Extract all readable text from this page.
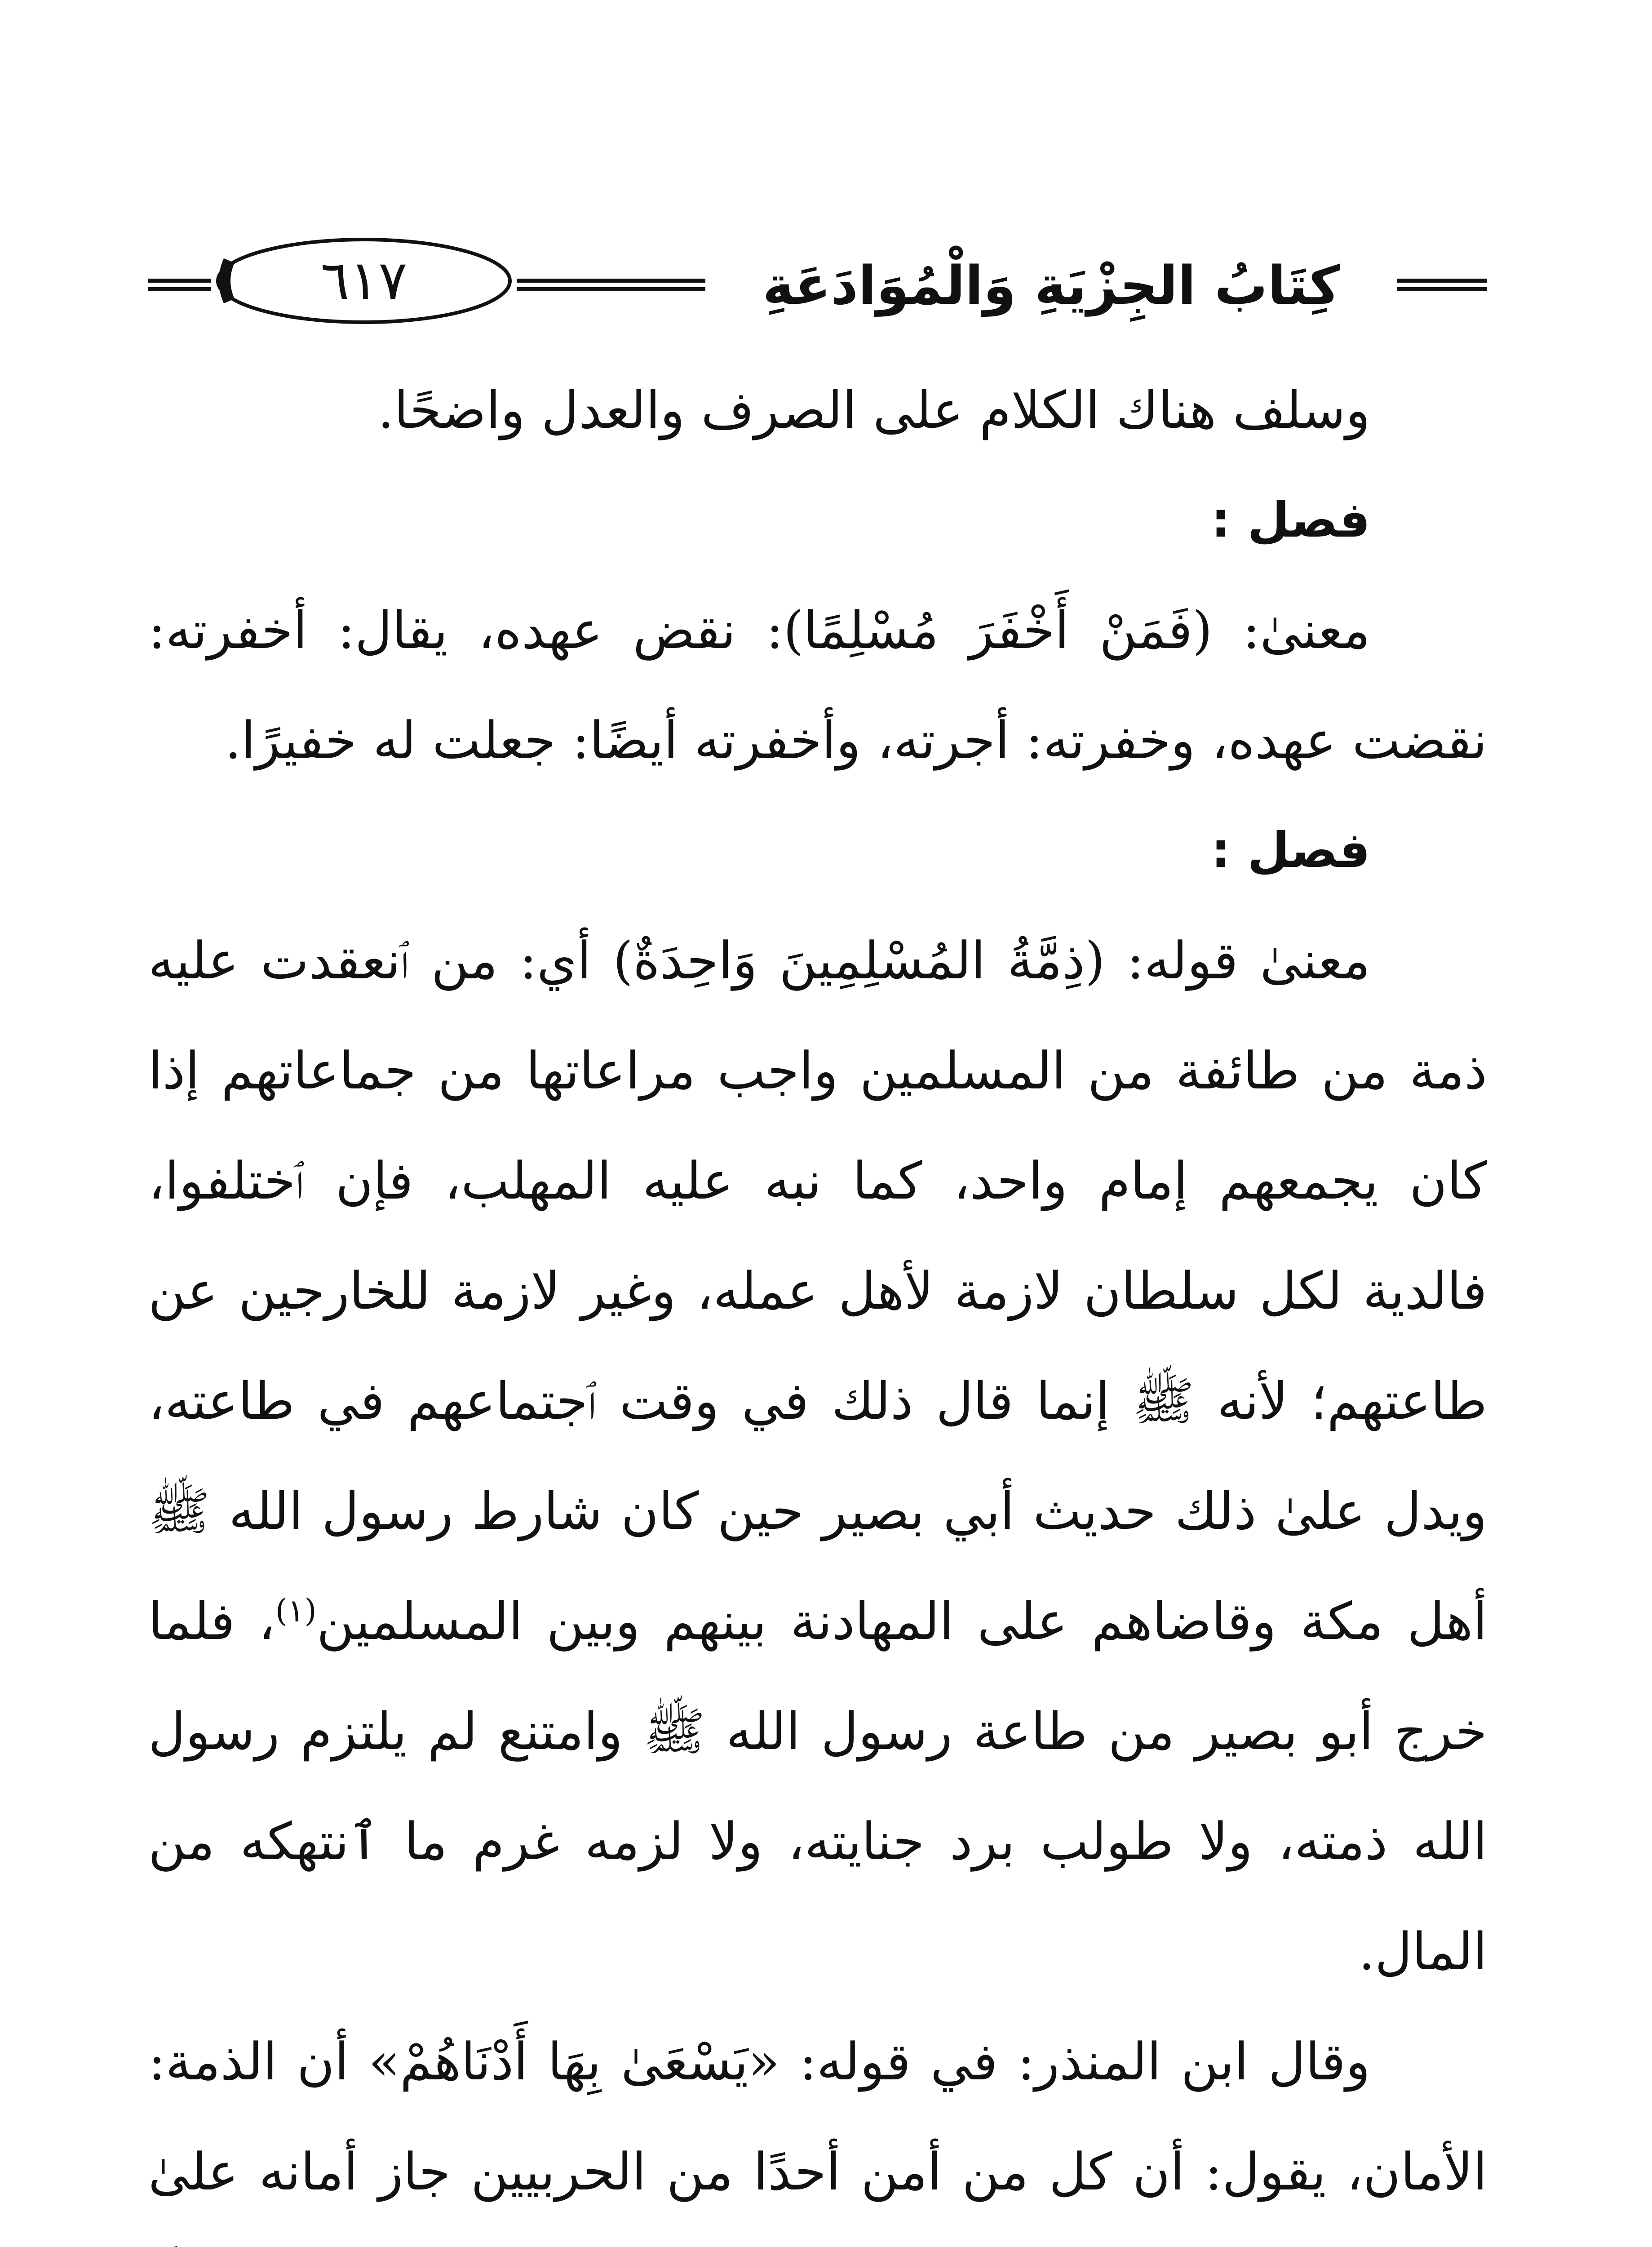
٦١٧	كِتَابُ الجِزْيَةِ وَالْمُوَادَعَةِ

وسلف هناك الكلام على الصرف والعدل واضحًا.

فصل :

معنىٰ: (فَمَنْ أَخْفَرَ مُسْلِمًا): نقض عهده، يقال: أخفرته: نقضت عهده، وخفرته: أجرته، وأخفرته أيضًا: جعلت له خفيرًا.

فصل :

معنىٰ قوله: (ذِمَّةُ المُسْلِمِينَ وَاحِدَةٌ) أي: من ٱنعقدت عليه ذمة من طائفة من المسلمين واجب مراعاتها من جماعاتهم إذا كان يجمعهم إمام واحد، كما نبه عليه المهلب، فإن ٱختلفوا، فالدية لكل سلطان لازمة لأهل عمله، وغير لازمة للخارجين عن طاعتهم؛ لأنه ﷺ إنما قال ذلك في وقت ٱجتماعهم في طاعته، ويدل علىٰ ذلك حديث أبي بصير حين كان شارط رسول الله ﷺ أهل مكة وقاضاهم على المهادنة بينهم وبين المسلمين$^{(١)}$، فلما خرج أبو بصير من طاعة رسول الله ﷺ وامتنع لم يلتزم رسول الله ذمته، ولا طولب برد جنايته، ولا لزمه غرم ما ٱنتهكه من المال.

وقال ابن المنذر: في قوله: «يَسْعَىٰ بِهَا أَدْنَاهُمْ» أن الذمة: الأمان، يقول: أن كل من أمن أحدًا من الحربيين جاز أمانه علىٰ
